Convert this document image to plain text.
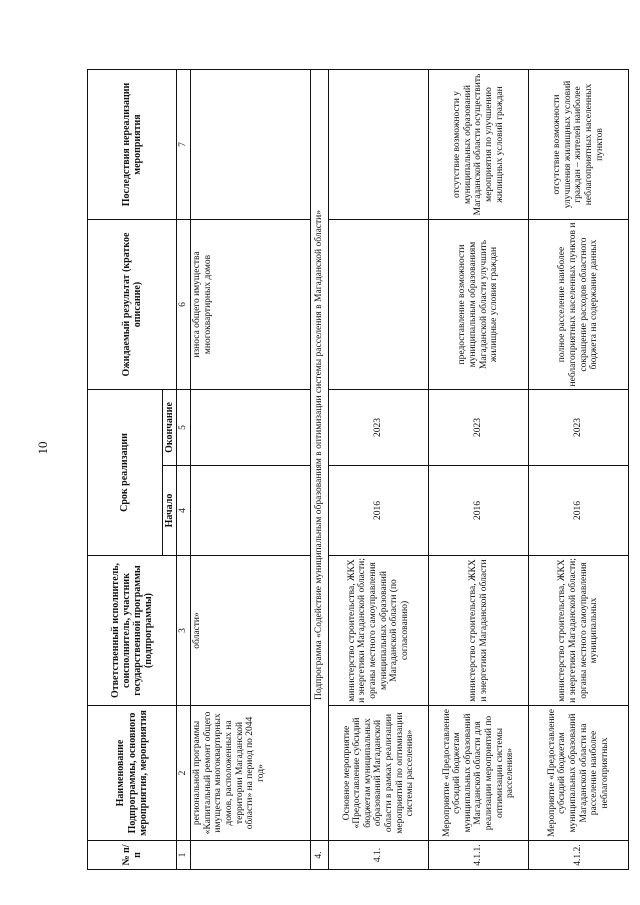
10
№ п/п	Наименование Подпрограммы, основного мероприятия, мероприятия	Ответственный исполнитель, соисполнитель, участник государственной программы (подпрограммы)	Срок реализации		Ожидаемый результат (краткое описание)	Последствия нереализации мероприятия
			Начало	Окончание		
1	2	3	4	5	6	7
	региональной программы «Капитальный ремонт общего имущества многоквартирных домов, расположенных на территории Магаданской области» на период по 2044 год»	области»			износа общего имущества многоквартирных домов	
4.	Подпрограмма «Содействие муниципальным образованиям в оптимизации системы расселения в Магаданской области»					
4.1.	Основное мероприятие «Предоставление субсидий бюджетам муниципальных образований Магаданской области в рамках реализации мероприятий по оптимизации системы расселения»	министерство строительства, ЖКХ и энергетики Магаданской области; органы местного самоуправления муниципальных образований Магаданской области (по согласованию)	2016	2023		
4.1.1.	Мероприятие «Предоставление субсидий бюджетам муниципальных образований Магаданской области для реализации мероприятий по оптимизации системы расселения»	министерство строительства, ЖКХ и энергетики Магаданской области	2016	2023	предоставление возможности муниципальным образованиям Магаданской области улучшить жилищные условия граждан	отсутствие возможности у муниципальных образований Магаданской области осуществить мероприятия по улучшению жилищных условий граждан
4.1.2.	Мероприятие «Предоставление субсидий бюджетам муниципальных образований Магаданской области на расселение наиболее неблагоприятных	министерство строительства, ЖКХ и энергетики Магаданской области; органы местного самоуправления муниципальных	2016	2023	полное расселение наиболее неблагоприятных населенных пунктов и сокращение расходов областного бюджета на содержание данных	отсутствие возможности улучшения жилищных условий граждан – жителей наиболее неблагоприятных населенных пунктов
